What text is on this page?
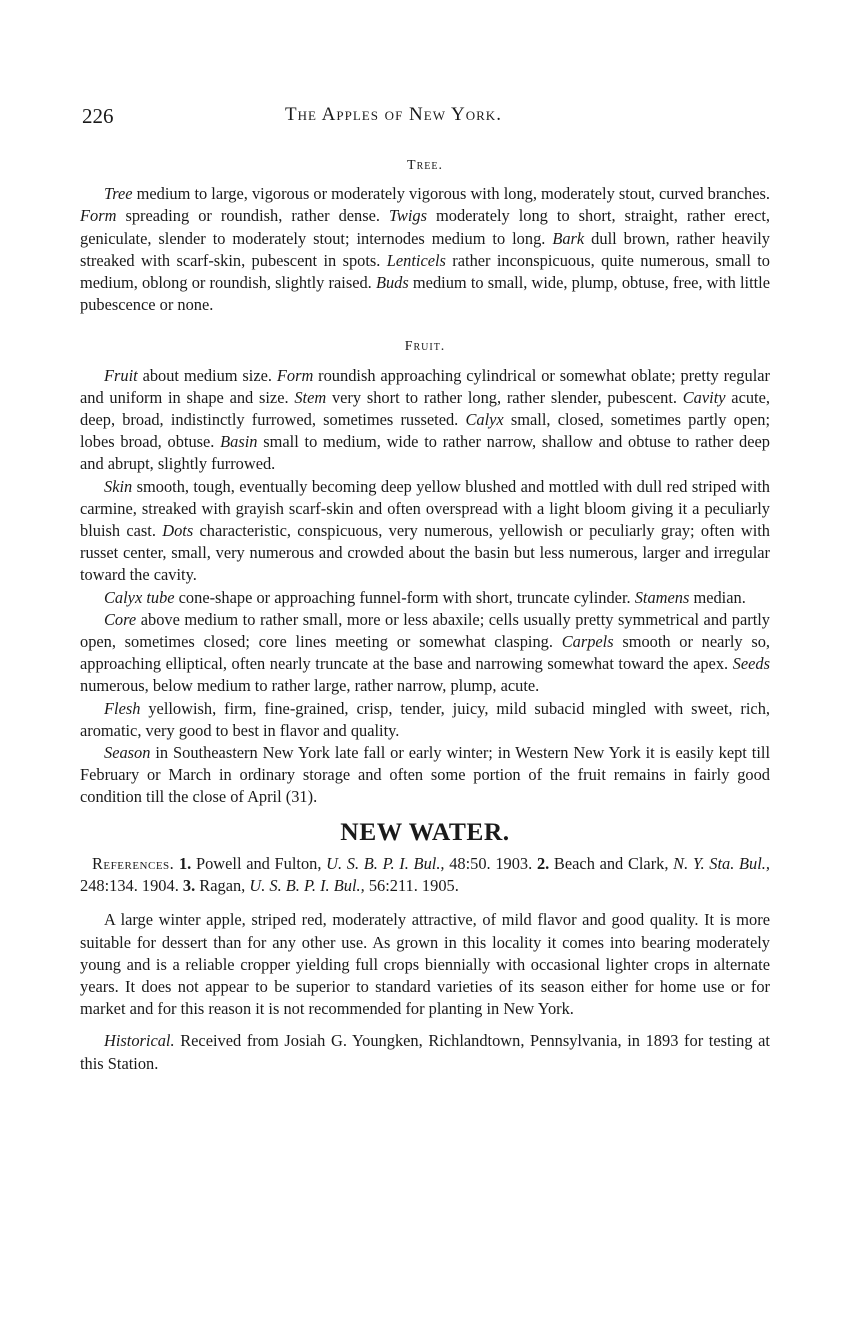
226	The Apples of New York.
Tree.

Tree medium to large, vigorous or moderately vigorous with long, moderately stout, curved branches. Form spreading or roundish, rather dense. Twigs moderately long to short, straight, rather erect, geniculate, slender to moderately stout; internodes medium to long. Bark dull brown, rather heavily streaked with scarf-skin, pubescent in spots. Lenticels rather inconspicuous, quite numerous, small to medium, oblong or roundish, slightly raised. Buds medium to small, wide, plump, obtuse, free, with little pubescence or none.

Fruit.

Fruit about medium size. Form roundish approaching cylindrical or somewhat oblate; pretty regular and uniform in shape and size. Stem very short to rather long, rather slender, pubescent. Cavity acute, deep, broad, indistinctly furrowed, sometimes russeted. Calyx small, closed, sometimes partly open; lobes broad, obtuse. Basin small to medium, wide to rather narrow, shallow and obtuse to rather deep and abrupt, slightly furrowed.

Skin smooth, tough, eventually becoming deep yellow blushed and mottled with dull red striped with carmine, streaked with grayish scarf-skin and often overspread with a light bloom giving it a peculiarly bluish cast. Dots characteristic, conspicuous, very numerous, yellowish or peculiarly gray; often with russet center, small, very numerous and crowded about the basin but less numerous, larger and irregular toward the cavity.

Calyx tube cone-shape or approaching funnel-form with short, truncate cylinder. Stamens median.

Core above medium to rather small, more or less abaxile; cells usually pretty symmetrical and partly open, sometimes closed; core lines meeting or somewhat clasping. Carpels smooth or nearly so, approaching elliptical, often nearly truncate at the base and narrowing somewhat toward the apex. Seeds numerous, below medium to rather large, rather narrow, plump, acute.

Flesh yellowish, firm, fine-grained, crisp, tender, juicy, mild subacid mingled with sweet, rich, aromatic, very good to best in flavor and quality.

Season in Southeastern New York late fall or early winter; in Western New York it is easily kept till February or March in ordinary storage and often some portion of the fruit remains in fairly good condition till the close of April (31).

NEW WATER.

References. 1. Powell and Fulton, U. S. B. P. I. Bul., 48:50. 1903. 2. Beach and Clark, N. Y. Sta. Bul., 248:134. 1904. 3. Ragan, U. S. B. P. I. Bul., 56:211. 1905.

A large winter apple, striped red, moderately attractive, of mild flavor and good quality. It is more suitable for dessert than for any other use. As grown in this locality it comes into bearing moderately young and is a reliable cropper yielding full crops biennially with occasional lighter crops in alternate years. It does not appear to be superior to standard varieties of its season either for home use or for market and for this reason it is not recommended for planting in New York.

Historical. Received from Josiah G. Youngken, Richlandtown, Pennsylvania, in 1893 for testing at this Station.
